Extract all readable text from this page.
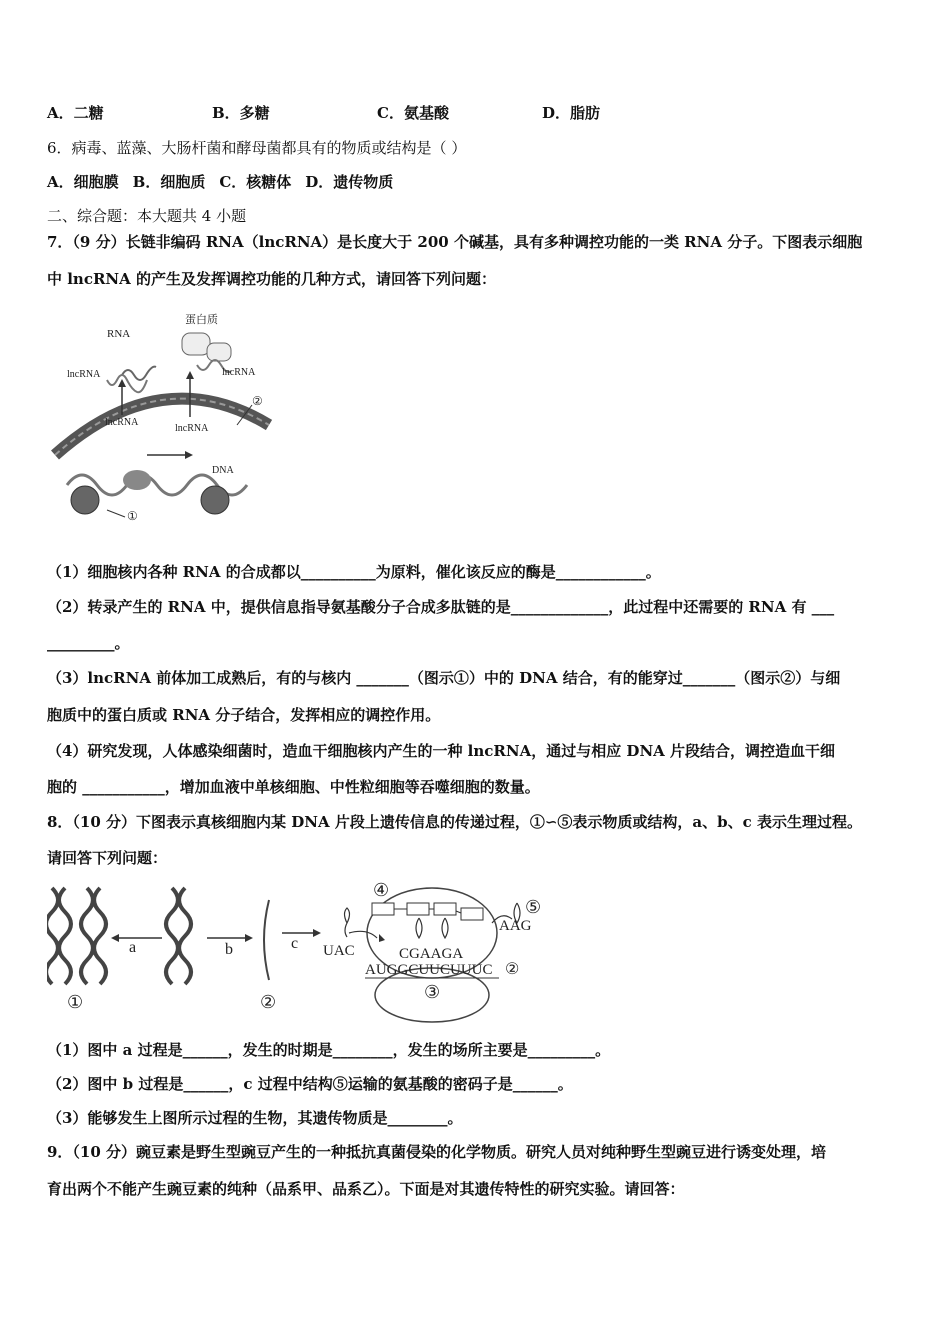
A．二糖	B．多糖	C．氨基酸	D．脂肪
6．病毒、蓝藻、大肠杆菌和酵母菌都具有的物质或结构是（ ）
A．细胞膜 B．细胞质 C．核糖体 D．遗传物质
二、综合题：本大题共 4 小题
7．（9 分）长链非编码 RNA（lncRNA）是长度大于 200 个碱基，具有多种调控功能的一类 RNA 分子。下图表示细胞
中 lncRNA 的产生及发挥调控功能的几种方式，请回答下列问题：
RNA
蛋白质
lncRNA	lncRNA
lncRNA
lncRNA
DNA
①
②
（1）细胞核内各种 RNA 的合成都以__________为原料，催化该反应的酶是____________。
（2）转录产生的 RNA 中，提供信息指导氨基酸分子合成多肽链的是_____________，此过程中还需要的 RNA 有 ___
_________。
（3）lncRNA 前体加工成熟后，有的与核内 _______（图示①）中的 DNA 结合，有的能穿过_______（图示②）与细
胞质中的蛋白质或 RNA 分子结合，发挥相应的调控作用。
（4）研究发现，人体感染细菌时，造血干细胞核内产生的一种 lncRNA，通过与相应 DNA 片段结合，调控造血干细
胞的 ___________，增加血液中单核细胞、中性粒细胞等吞噬细胞的数量。
8．（10 分）下图表示真核细胞内某 DNA 片段上遗传信息的传递过程，①∽⑤表示物质或结构，a、b、c 表示生理过程。
请回答下列问题：
a	b	c
①	②	③
④
⑤
UAC	CGAAGA
AAG
AUGGCUUCUUUC ②
（1）图中 a 过程是______，发生的时期是________，发生的场所主要是_________。
（2）图中 b 过程是______，c 过程中结构⑤运输的氨基酸的密码子是______。
（3）能够发生上图所示过程的生物，其遗传物质是________。
9．（10 分）豌豆素是野生型豌豆产生的一种抵抗真菌侵染的化学物质。研究人员对纯种野生型豌豆进行诱变处理，培
育出两个不能产生豌豆素的纯种（品系甲、品系乙）。下面是对其遗传特性的研究实验。请回答：
